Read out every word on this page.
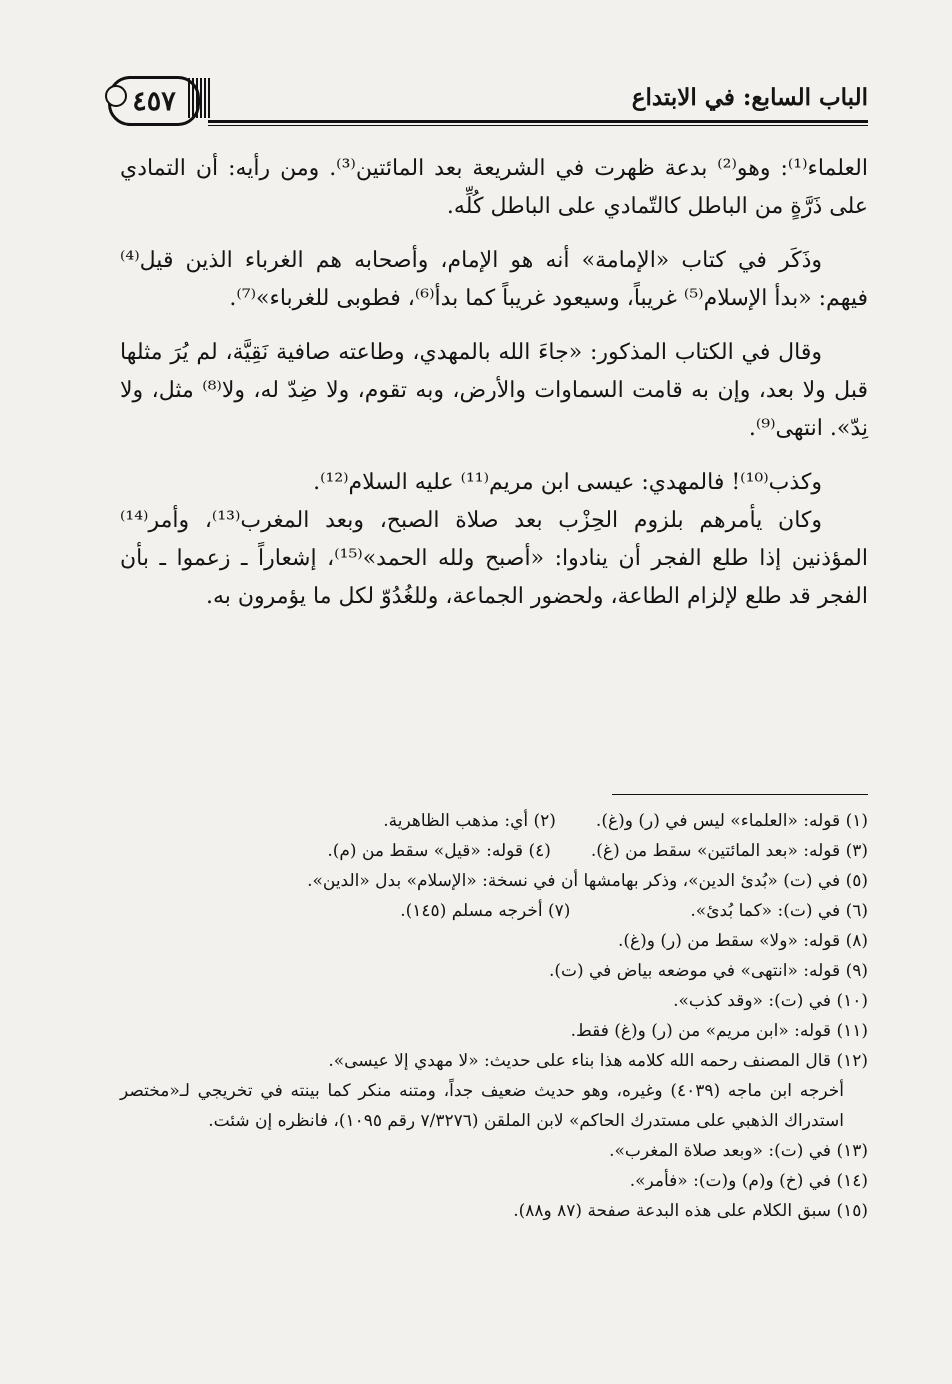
٤٥٧	الباب السابع: في الابتداع

العلماء⁽¹⁾: وهو⁽²⁾ بدعة ظهرت في الشريعة بعد المائتين⁽³⁾. ومن رأيه: أن التمادي على ذَرَّةٍ من الباطل كالتّمادي على الباطل كُلِّه.

وذَكَر في كتاب «الإمامة» أنه هو الإمام، وأصحابه هم الغرباء الذين قيل⁽⁴⁾ فيهم: «بدأ الإسلام⁽⁵⁾ غريباً، وسيعود غريباً كما بدأ⁽⁶⁾، فطوبى للغرباء»⁽⁷⁾.

وقال في الكتاب المذكور: «جاءَ الله بالمهدي، وطاعته صافية نَقِيَّة، لم يُرَ مثلها قبل ولا بعد، وإن به قامت السماوات والأرض، وبه تقوم، ولا ضِدّ له، ولا⁽⁸⁾ مثل، ولا نِدّ». انتهى⁽⁹⁾.

وكذب⁽¹⁰⁾! فالمهدي: عيسى ابن مريم⁽¹¹⁾ عليه السلام⁽¹²⁾.

وكان يأمرهم بلزوم الحِزْب بعد صلاة الصبح، وبعد المغرب⁽¹³⁾، وأمر⁽¹⁴⁾ المؤذنين إذا طلع الفجر أن ينادوا: «أصبح ولله الحمد»⁽¹⁵⁾، إشعاراً ـ زعموا ـ بأن الفجر قد طلع لإلزام الطاعة، ولحضور الجماعة، وللغُدُوّ لكل ما يؤمرون به.

(١) قوله: «العلماء» ليس في (ر) و(غ).
(٢) أي: مذهب الظاهرية.
(٣) قوله: «بعد المائتين» سقط من (غ).
(٤) قوله: «قيل» سقط من (م).

(٥) في (ت) «بُدئ الدين»، وذكر بهامشها أن في نسخة: «الإسلام» بدل «الدين».

(٦) في (ت): «كما بُدئ».
(٧) أخرجه مسلم (١٤٥).

(٨) قوله: «ولا» سقط من (ر) و(غ).

(٩) قوله: «انتهى» في موضعه بياض في (ت).

(١٠) في (ت): «وقد كذب».

(١١) قوله: «ابن مريم» من (ر) و(غ) فقط.

(١٢) قال المصنف رحمه الله كلامه هذا بناء على حديث: «لا مهدي إلا عيسى».

أخرجه ابن ماجه (٤٠٣٩) وغيره، وهو حديث ضعيف جداً، ومتنه منكر كما بينته في تخريجي لـ«مختصر استدراك الذهبي على مستدرك الحاكم» لابن الملقن (٧/٣٢٧٦ رقم ١٠٩٥)، فانظره إن شئت.

(١٣) في (ت): «وبعد صلاة المغرب».

(١٤) في (خ) و(م) و(ت): «فأمر».

(١٥) سبق الكلام على هذه البدعة صفحة (٨٧ و٨٨).
